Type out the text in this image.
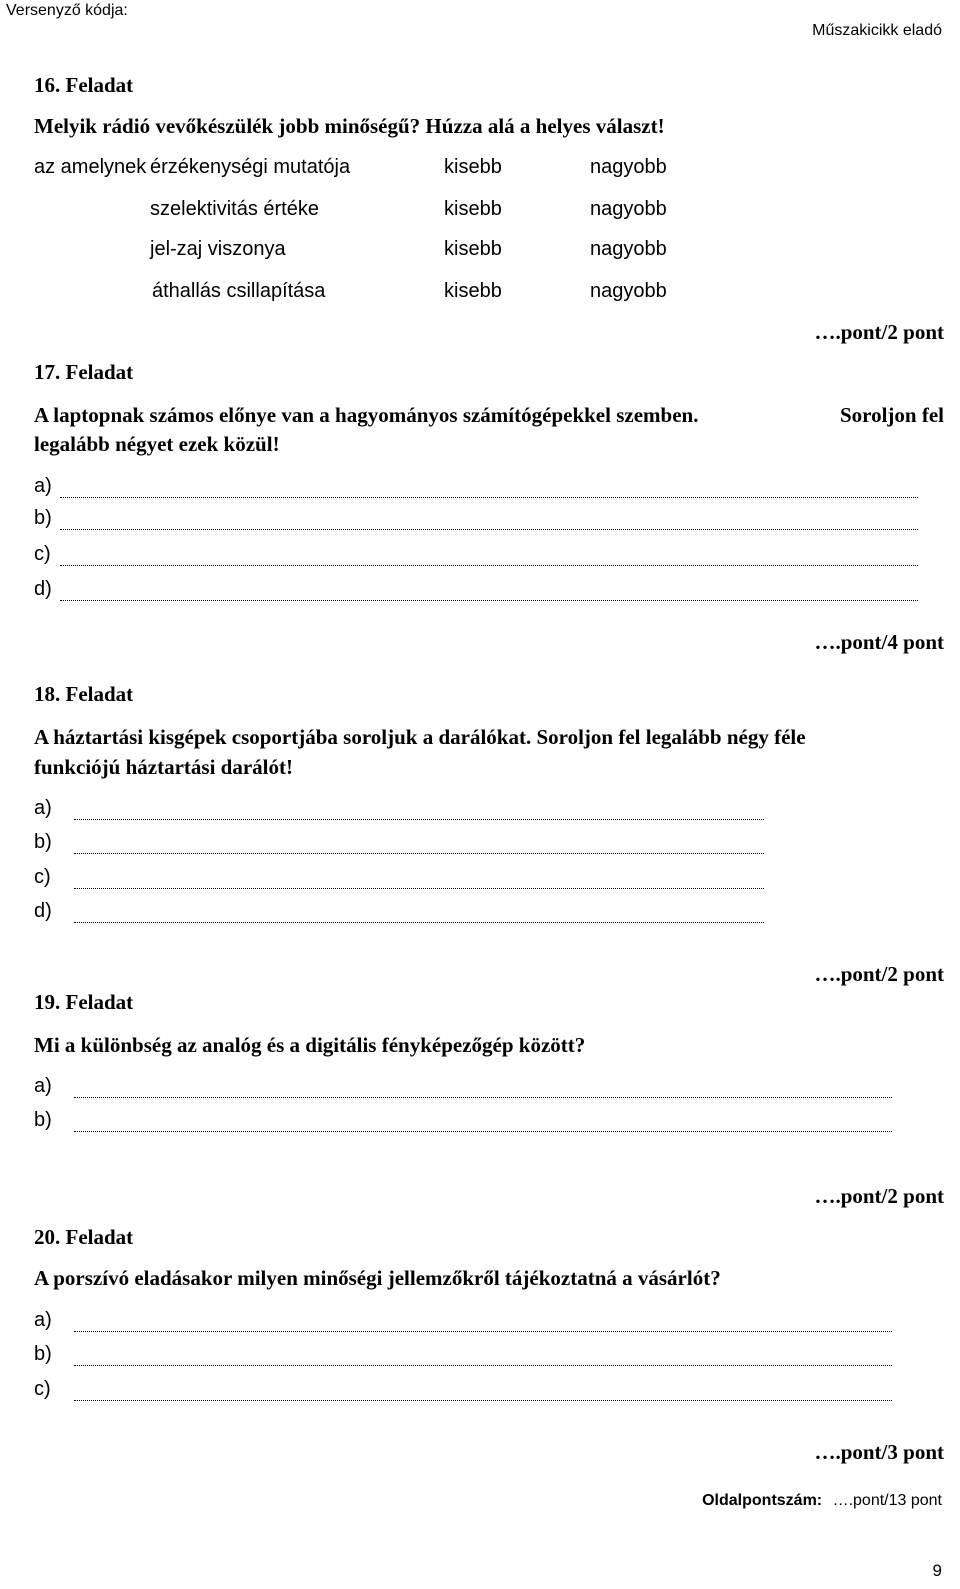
Versenyző kódja:
Műszakicikk eladó
16. Feladat
Melyik rádió vevőkészülék jobb minőségű? Húzza alá a helyes választ!
az amelynek érzékenységi mutatója	kisebb	nagyobb
szelektivitás értéke	kisebb	nagyobb
jel-zaj viszonya	kisebb	nagyobb
áthallás csillapítása	kisebb	nagyobb
….pont/2 pont
17. Feladat
A laptopnak számos előnye van a hagyományos számítógépekkel szemben.	Soroljon fel
legalább négyet ezek közül!
a)
b)
c)
d)
….pont/4 pont
18. Feladat
A háztartási kisgépek csoportjába soroljuk a darálókat. Soroljon fel legalább négy féle
funkciójú háztartási darálót!
a)
b)
c)
d)
….pont/2 pont
19. Feladat
Mi a különbség az analóg és a digitális fényképezőgép között?
a)
b)
….pont/2 pont
20. Feladat
A porszívó eladásakor milyen minőségi jellemzőkről tájékoztatná a vásárlót?
a)
b)
c)
….pont/3 pont
Oldalpontszám: ….pont/13 pont
9
